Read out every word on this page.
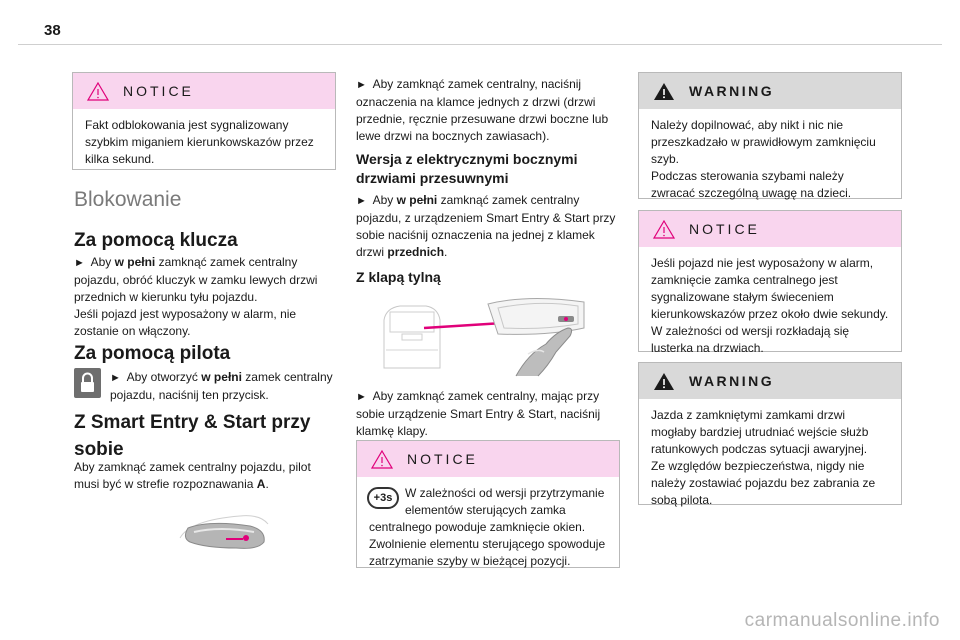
38
NOTICE
Fakt odblokowania jest sygnalizowany szybkim miganiem kierunkowskazów przez kilka sekund.
Blokowanie
Za pomocą klucza
► Aby w pełni zamknąć zamek centralny pojazdu, obróć kluczyk w zamku lewych drzwi przednich w kierunku tyłu pojazdu.
Jeśli pojazd jest wyposażony w alarm, nie zostanie on włączony.
Za pomocą pilota
► Aby otworzyć w pełni zamek centralny pojazdu, naciśnij ten przycisk.
Z Smart Entry & Start przy sobie
Aby zamknąć zamek centralny pojazdu, pilot musi być w strefie rozpoznawania A.
► Aby zamknąć zamek centralny, naciśnij oznaczenia na klamce jednych z drzwi (drzwi przednie, ręcznie przesuwane drzwi boczne lub lewe drzwi na bocznych zawiasach).
Wersja z elektrycznymi bocznymi drzwiami przesuwnymi
► Aby w pełni zamknąć zamek centralny pojazdu, z urządzeniem Smart Entry & Start przy sobie naciśnij oznaczenia na jednej z klamek drzwi przednich.
Z klapą tylną
► Aby zamknąć zamek centralny, mając przy sobie urządzenie Smart Entry & Start, naciśnij klamkę klapy.
NOTICE
+3s	W zależności od wersji przytrzymanie elementów sterujących zamka centralnego powoduje zamknięcie okien.
Zwolnienie elementu sterującego spowoduje zatrzymanie szyby w bieżącej pozycji.
WARNING
Należy dopilnować, aby nikt i nic nie przeszkadzało w prawidłowym zamknięciu szyb.
Podczas sterowania szybami należy zwracać szczególną uwagę na dzieci.
NOTICE
Jeśli pojazd nie jest wyposażony w alarm, zamknięcie zamka centralnego jest sygnalizowane stałym świeceniem kierunkowskazów przez około dwie sekundy.
W zależności od wersji rozkładają się lusterka na drzwiach.
WARNING
Jazda z zamkniętymi zamkami drzwi mogłaby bardziej utrudniać wejście służb ratunkowych podczas sytuacji awaryjnej.
Ze względów bezpieczeństwa, nigdy nie należy zostawiać pojazdu bez zabrania ze sobą pilota.
carmanualsonline.info
